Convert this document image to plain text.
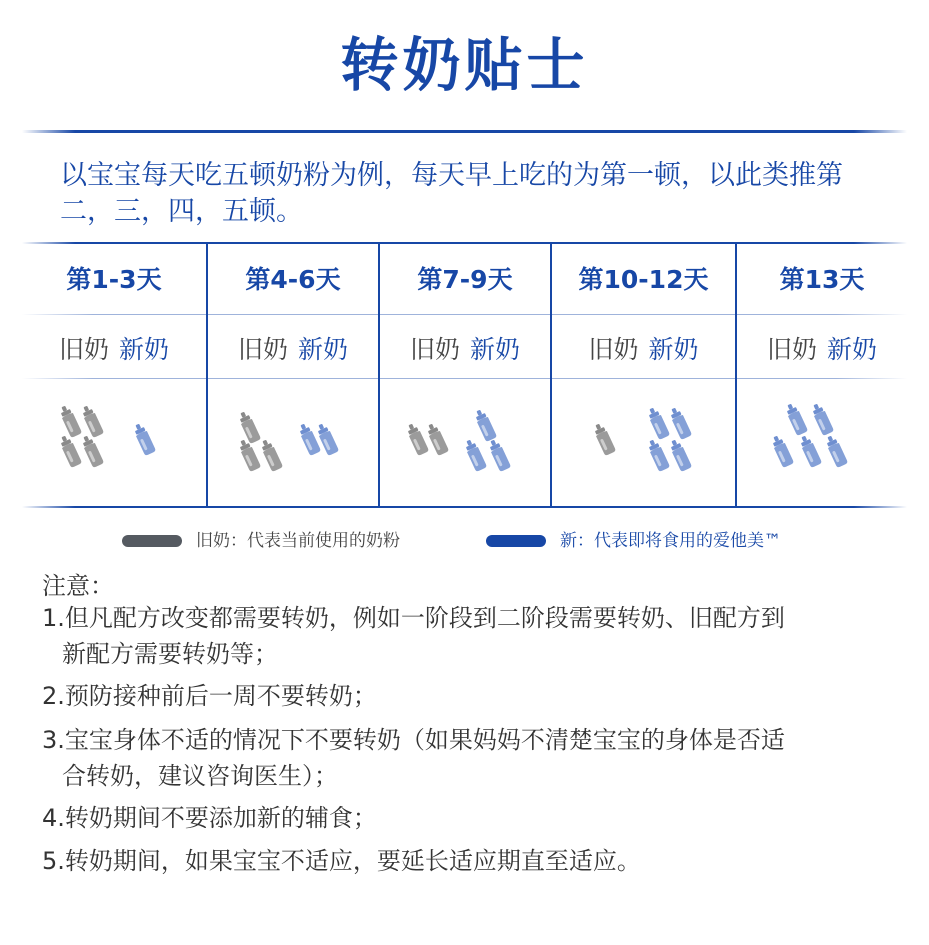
转奶贴士
以宝宝每天吃五顿奶粉为例，每天早上吃的为第一顿，以此类推第二，三，四，五顿。
第1-3天
旧奶 新奶
第4-6天
旧奶 新奶
第7-9天
旧奶 新奶
第10-12天
旧奶 新奶
第13天
旧奶 新奶
旧奶：代表当前使用的奶粉	新：代表即将食用的爱他美™
注意：
1.但凡配方改变都需要转奶，例如一阶段到二阶段需要转奶、旧配方到
新配方需要转奶等；
2.预防接种前后一周不要转奶；
3.宝宝身体不适的情况下不要转奶（如果妈妈不清楚宝宝的身体是否适
合转奶，建议咨询医生）；
4.转奶期间不要添加新的辅食；
5.转奶期间，如果宝宝不适应，要延长适应期直至适应。
